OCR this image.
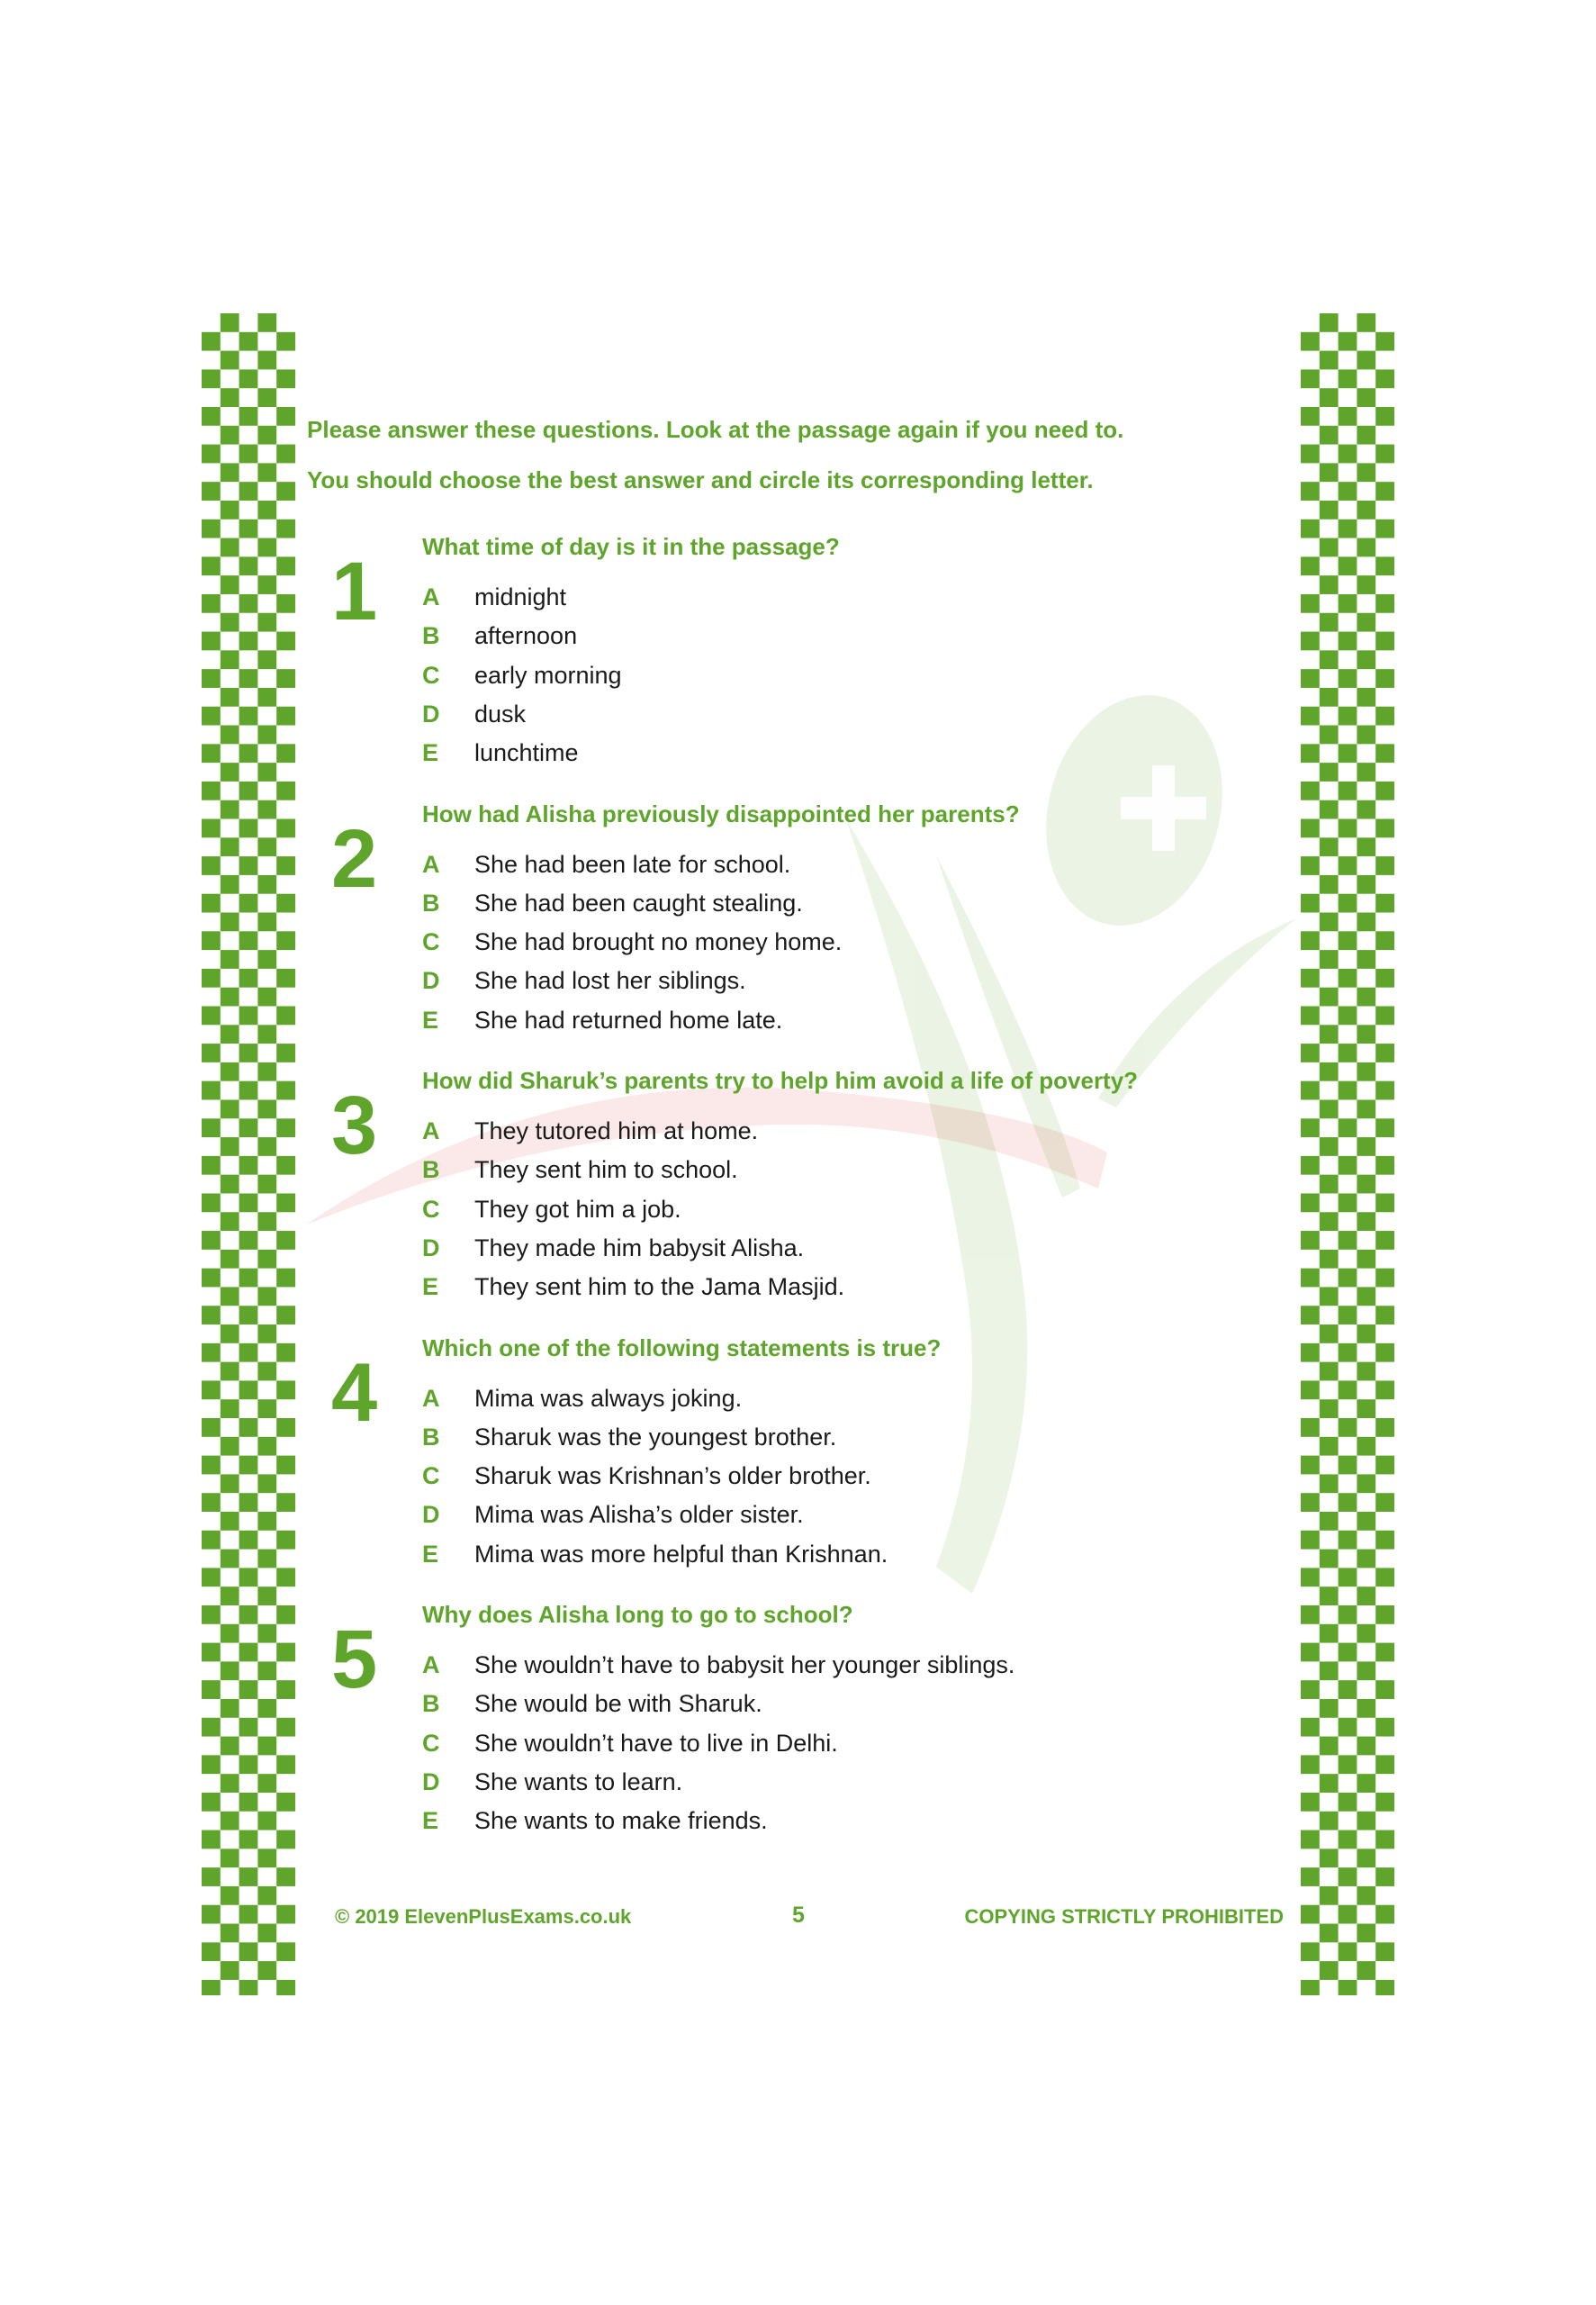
Please answer these questions. Look at the passage again if you need to.
You should choose the best answer and circle its corresponding letter.
1 What time of day is it in the passage?
A midnight
B afternoon
C early morning
D dusk
E lunchtime
2 How had Alisha previously disappointed her parents?
A She had been late for school.
B She had been caught stealing.
C She had brought no money home.
D She had lost her siblings.
E She had returned home late.
3 How did Sharuk’s parents try to help him avoid a life of poverty?
A They tutored him at home.
B They sent him to school.
C They got him a job.
D They made him babysit Alisha.
E They sent him to the Jama Masjid.
4 Which one of the following statements is true?
A Mima was always joking.
B Sharuk was the youngest brother.
C Sharuk was Krishnan’s older brother.
D Mima was Alisha’s older sister.
E Mima was more helpful than Krishnan.
5 Why does Alisha long to go to school?
A She wouldn’t have to babysit her younger siblings.
B She would be with Sharuk.
C She wouldn’t have to live in Delhi.
D She wants to learn.
E She wants to make friends.
© 2019 ElevenPlusExams.co.uk	5	COPYING STRICTLY PROHIBITED
